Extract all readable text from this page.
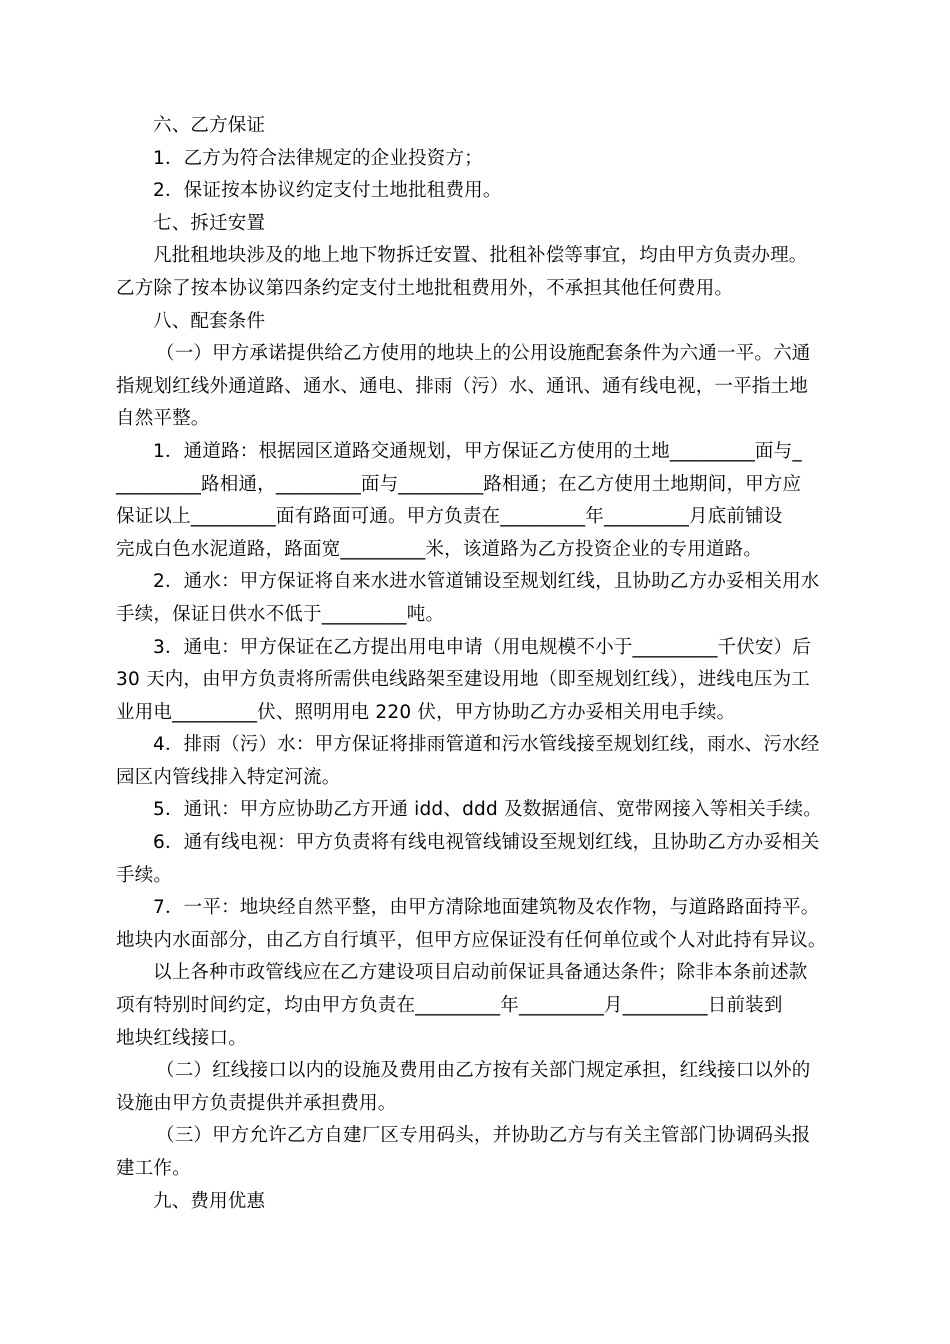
六、乙方保证
1．乙方为符合法律规定的企业投资方；
2．保证按本协议约定支付土地批租费用。
七、拆迁安置
凡批租地块涉及的地上地下物拆迁安置、批租补偿等事宜，均由甲方负责办理。
乙方除了按本协议第四条约定支付土地批租费用外，不承担其他任何费用。
八、配套条件
（一）甲方承诺提供给乙方使用的地块上的公用设施配套条件为六通一平。六通
指规划红线外通道路、通水、通电、排雨（污）水、通讯、通有线电视，一平指土地
自然平整。
1．通道路：根据园区道路交通规划，甲方保证乙方使用的土地_________面与_
_________路相通，_________面与_________路相通；在乙方使用土地期间，甲方应
保证以上_________面有路面可通。甲方负责在_________年_________月底前铺设
完成白色水泥道路，路面宽_________米，该道路为乙方投资企业的专用道路。
2．通水：甲方保证将自来水进水管道铺设至规划红线，且协助乙方办妥相关用水
手续，保证日供水不低于_________吨。
3．通电：甲方保证在乙方提出用电申请（用电规模不小于_________千伏安）后
30 天内，由甲方负责将所需供电线路架至建设用地（即至规划红线），进线电压为工
业用电_________伏、照明用电 220 伏，甲方协助乙方办妥相关用电手续。
4．排雨（污）水：甲方保证将排雨管道和污水管线接至规划红线，雨水、污水经
园区内管线排入特定河流。
5．通讯：甲方应协助乙方开通 idd、ddd 及数据通信、宽带网接入等相关手续。
6．通有线电视：甲方负责将有线电视管线铺设至规划红线，且协助乙方办妥相关
手续。
7．一平：地块经自然平整，由甲方清除地面建筑物及农作物，与道路路面持平。
地块内水面部分，由乙方自行填平，但甲方应保证没有任何单位或个人对此持有异议。
以上各种市政管线应在乙方建设项目启动前保证具备通达条件；除非本条前述款
项有特别时间约定，均由甲方负责在_________年_________月_________日前装到
地块红线接口。
（二）红线接口以内的设施及费用由乙方按有关部门规定承担，红线接口以外的
设施由甲方负责提供并承担费用。
（三）甲方允许乙方自建厂区专用码头，并协助乙方与有关主管部门协调码头报
建工作。
九、费用优惠
